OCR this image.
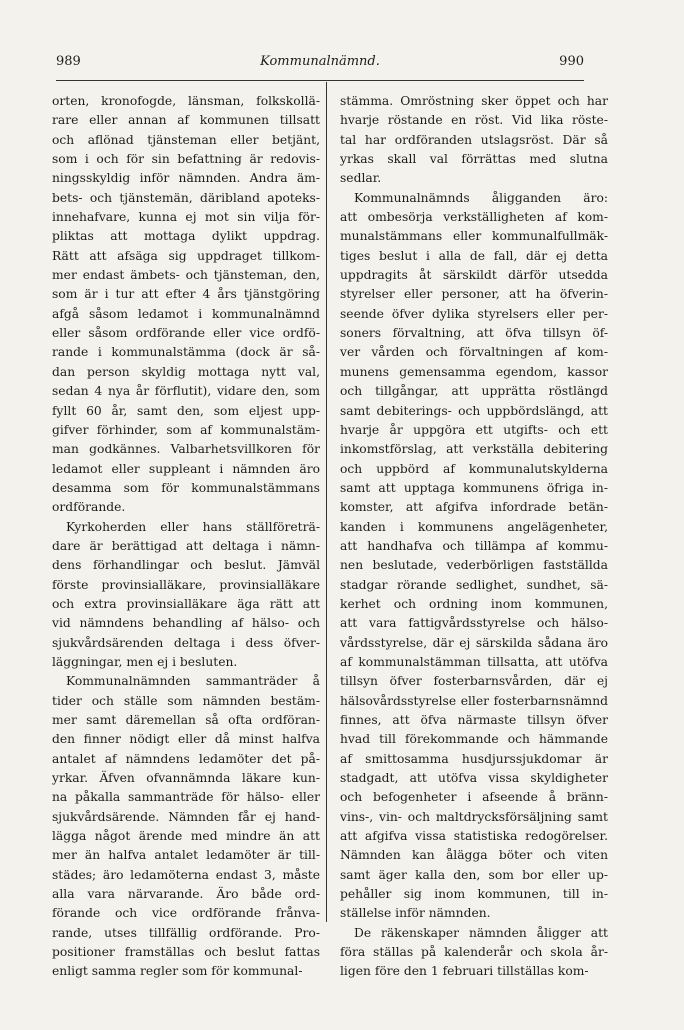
989	Kommunalnämnd.	990

orten, kronofogde, länsman, folkskollä-

rare eller annan af kommunen tillsatt

och aflönad tjänsteman eller betjänt,

som i och för sin befattning är redovis-

ningsskyldig inför nämnden. Andra äm-

bets- och tjänstemän, däribland apoteks-

innehafvare, kunna ej mot sin vilja för-

pliktas att mottaga dylikt uppdrag.

Rätt att afsäga sig uppdraget tillkom-

mer endast ämbets- och tjänsteman, den,

som är i tur att efter 4 års tjänstgöring

afgå såsom ledamot i kommunalnämnd

eller såsom ordförande eller vice ordfö-

rande i kommunalstämma (dock är så-

dan person skyldig mottaga nytt val,

sedan 4 nya år förflutit), vidare den, som

fyllt 60 år, samt den, som eljest upp-

gifver förhinder, som af kommunalstäm-

man godkännes. Valbarhetsvillkoren för

ledamot eller suppleant i nämnden äro

desamma som för kommunalstämmans

ordförande.

Kyrkoherden eller hans ställföreträ-

dare är berättigad att deltaga i nämn-

dens förhandlingar och beslut. Jämväl

förste provinsialläkare, provinsialläkare

och extra provinsialläkare äga rätt att

vid nämndens behandling af hälso- och

sjukvårdsärenden deltaga i dess öfver-

läggningar, men ej i besluten.

Kommunalnämnden sammanträder å

tider och ställe som nämnden bestäm-

mer samt däremellan så ofta ordföran-

den finner nödigt eller då minst halfva

antalet af nämndens ledamöter det på-

yrkar. Äfven ofvannämnda läkare kun-

na påkalla sammanträde för hälso- eller

sjukvårdsärende. Nämnden får ej hand-

lägga något ärende med mindre än att

mer än halfva antalet ledamöter är till-

städes; äro ledamöterna endast 3, måste

alla vara närvarande. Äro både ord-

förande och vice ordförande frånva-

rande, utses tillfällig ordförande. Pro-

positioner framställas och beslut fattas

enligt samma regler som för kommunal-

stämma. Omröstning sker öppet och har

hvarje röstande en röst. Vid lika röste-

tal har ordföranden utslagsröst. Där så

yrkas skall val förrättas med slutna

sedlar.

Kommunalnämnds åligganden äro:

att ombesörja verkställigheten af kom-

munalstämmans eller kommunalfullmäk-

tiges beslut i alla de fall, där ej detta

uppdragits åt särskildt därför utsedda

styrelser eller personer, att ha öfverin-

seende öfver dylika styrelsers eller per-

soners förvaltning, att öfva tillsyn öf-

ver vården och förvaltningen af kom-

munens gemensamma egendom, kassor

och tillgångar, att upprätta röstlängd

samt debiterings- och uppbördslängd, att

hvarje år uppgöra ett utgifts- och ett

inkomstförslag, att verkställa debitering

och uppbörd af kommunalutskylderna

samt att upptaga kommunens öfriga in-

komster, att afgifva infordrade betän-

kanden i kommunens angelägenheter,

att handhafva och tillämpa af kommu-

nen beslutade, vederbörligen fastställda

stadgar rörande sedlighet, sundhet, sä-

kerhet och ordning inom kommunen,

att vara fattigvårdsstyrelse och hälso-

vårdsstyrelse, där ej särskilda sådana äro

af kommunalstämman tillsatta, att utöfva

tillsyn öfver fosterbarnsvården, där ej

hälsovårdsstyrelse eller fosterbarnsnämnd

finnes, att öfva närmaste tillsyn öfver

hvad till förekommande och hämmande

af smittosamma husdjurssjukdomar är

stadgadt, att utöfva vissa skyldigheter

och befogenheter i afseende å bränn-

vins-, vin- och maltdrycksförsäljning samt

att afgifva vissa statistiska redogörelser.

Nämnden kan ålägga böter och viten

samt äger kalla den, som bor eller up-

pehåller sig inom kommunen, till in-

ställelse inför nämnden.

De räkenskaper nämnden åligger att

föra ställas på kalenderår och skola år-

ligen före den 1 februari tillställas kom-
